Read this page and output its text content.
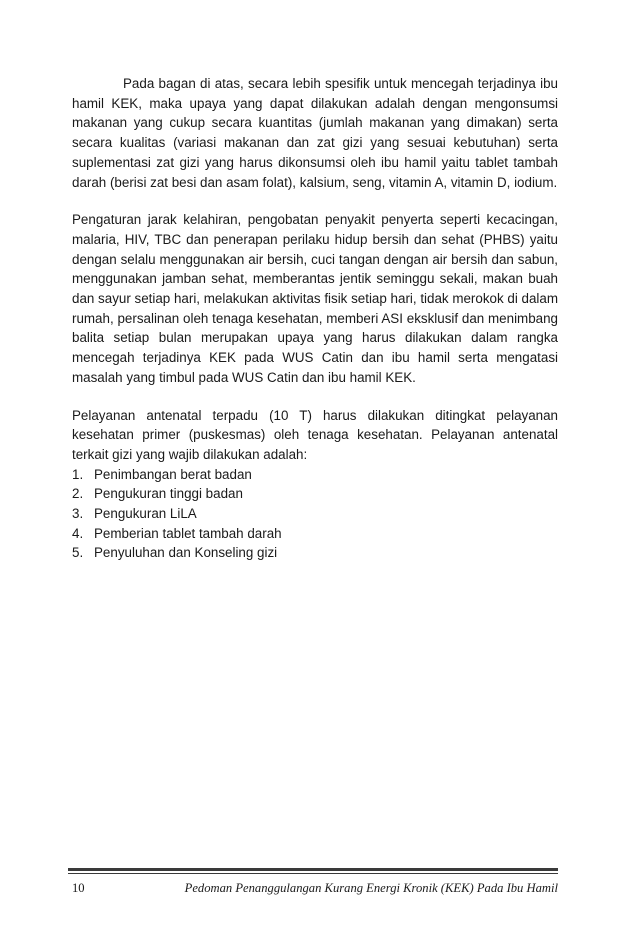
Pada bagan di atas, secara lebih spesifik untuk mencegah terjadinya ibu hamil KEK, maka upaya yang dapat dilakukan adalah dengan mengonsumsi makanan yang cukup secara kuantitas (jumlah makanan yang dimakan) serta secara kualitas (variasi makanan dan zat gizi yang sesuai kebutuhan) serta suplementasi zat gizi yang harus dikonsumsi oleh ibu hamil yaitu tablet tambah darah (berisi zat besi dan asam folat), kalsium, seng, vitamin A, vitamin D, iodium.

Pengaturan jarak kelahiran, pengobatan penyakit penyerta seperti kecacingan, malaria, HIV, TBC dan penerapan perilaku hidup bersih dan sehat (PHBS) yaitu dengan selalu menggunakan air bersih, cuci tangan dengan air bersih dan sabun, menggunakan jamban sehat, memberantas jentik seminggu sekali, makan buah dan sayur setiap hari, melakukan aktivitas fisik setiap hari, tidak merokok di dalam rumah, persalinan oleh tenaga kesehatan, memberi ASI eksklusif dan menimbang balita setiap bulan merupakan upaya yang harus dilakukan dalam rangka mencegah terjadinya KEK pada WUS Catin dan ibu hamil serta mengatasi masalah yang timbul pada WUS Catin dan ibu hamil KEK.

Pelayanan antenatal terpadu (10 T) harus dilakukan ditingkat pelayanan kesehatan primer (puskesmas) oleh tenaga kesehatan. Pelayanan antenatal terkait gizi yang wajib dilakukan adalah:

1. Penimbangan berat badan
2. Pengukuran tinggi badan
3. Pengukuran LiLA
4. Pemberian tablet tambah darah
5. Penyuluhan dan Konseling gizi
10	Pedoman Penanggulangan Kurang Energi Kronik (KEK) Pada Ibu Hamil
